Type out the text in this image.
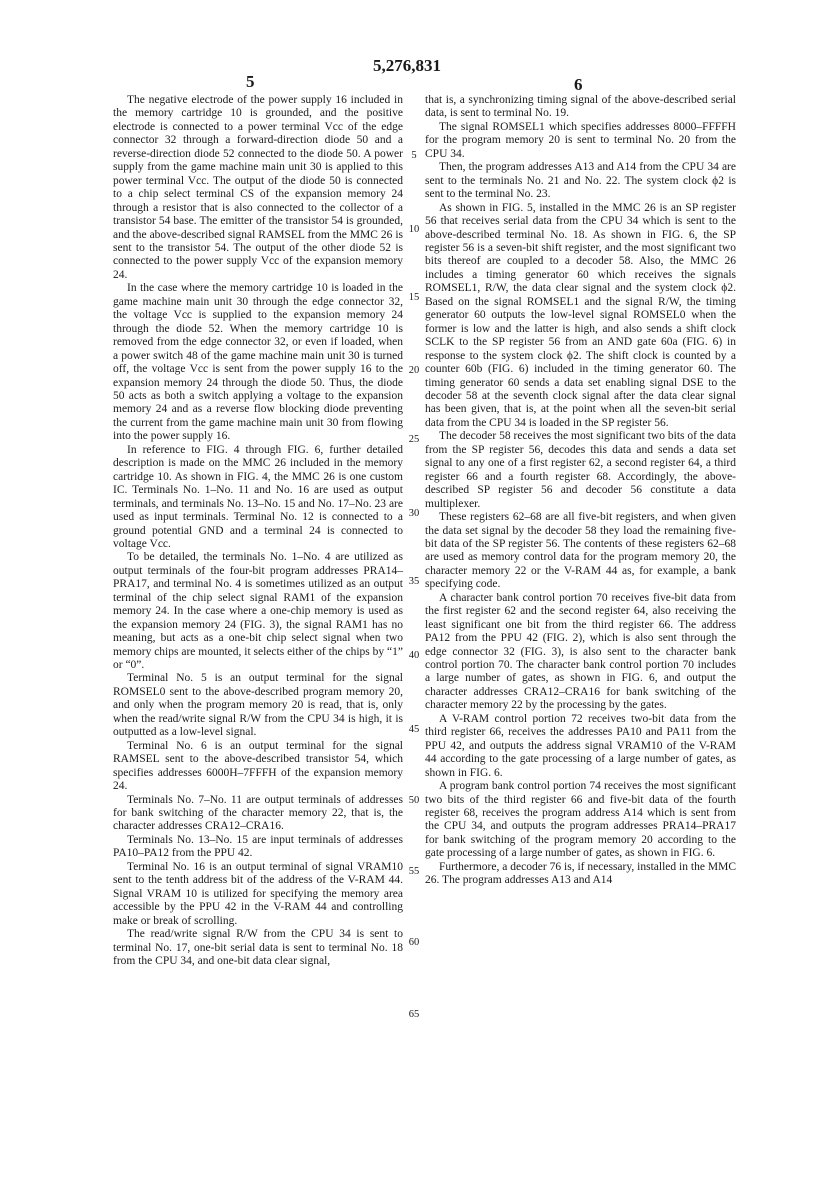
5,276,831
5	6

The negative electrode of the power supply 16 included in the memory cartridge 10 is grounded, and the positive electrode is connected to a power terminal Vcc of the edge connector 32 through a forward-direction diode 50 and a reverse-direction diode 52 connected to the diode 50. A power supply from the game machine main unit 30 is applied to this power terminal Vcc. The output of the diode 50 is connected to a chip select terminal CS of the expansion memory 24 through a resistor that is also connected to the collector of a transistor 54 base. The emitter of the transistor 54 is grounded, and the above-described signal RAMSEL from the MMC 26 is sent to the transistor 54. The output of the other diode 52 is connected to the power supply Vcc of the expansion memory 24.

In the case where the memory cartridge 10 is loaded in the game machine main unit 30 through the edge connector 32, the voltage Vcc is supplied to the expansion memory 24 through the diode 52. When the memory cartridge 10 is removed from the edge connector 32, or even if loaded, when a power switch 48 of the game machine main unit 30 is turned off, the voltage Vcc is sent from the power supply 16 to the expansion memory 24 through the diode 50. Thus, the diode 50 acts as both a switch applying a voltage to the expansion memory 24 and as a reverse flow blocking diode preventing the current from the game machine main unit 30 from flowing into the power supply 16.

In reference to FIG. 4 through FIG. 6, further detailed description is made on the MMC 26 included in the memory cartridge 10. As shown in FIG. 4, the MMC 26 is one custom IC. Terminals No. 1–No. 11 and No. 16 are used as output terminals, and terminals No. 13–No. 15 and No. 17–No. 23 are used as input terminals. Terminal No. 12 is connected to a ground potential GND and a terminal 24 is connected to voltage Vcc.

To be detailed, the terminals No. 1–No. 4 are utilized as output terminals of the four-bit program addresses PRA14–PRA17, and terminal No. 4 is sometimes utilized as an output terminal of the chip select signal RAM1 of the expansion memory 24. In the case where a one-chip memory is used as the expansion memory 24 (FIG. 3), the signal RAM1 has no meaning, but acts as a one-bit chip select signal when two memory chips are mounted, it selects either of the chips by “1” or “0”.

Terminal No. 5 is an output terminal for the signal ROMSEL0 sent to the above-described program memory 20, and only when the program memory 20 is read, that is, only when the read/write signal R/W from the CPU 34 is high, it is outputted as a low-level signal.

Terminal No. 6 is an output terminal for the signal RAMSEL sent to the above-described transistor 54, which specifies addresses 6000H–7FFFH of the expansion memory 24.

Terminals No. 7–No. 11 are output terminals of addresses for bank switching of the character memory 22, that is, the character addresses CRA12–CRA16.

Terminals No. 13–No. 15 are input terminals of addresses PA10–PA12 from the PPU 42.

Terminal No. 16 is an output terminal of signal VRAM10 sent to the tenth address bit of the address of the V-RAM 44. Signal VRAM 10 is utilized for specifying the memory area accessible by the PPU 42 in the V-RAM 44 and controlling make or break of scrolling.

The read/write signal R/W from the CPU 34 is sent to terminal No. 17, one-bit serial data is sent to terminal No. 18 from the CPU 34, and one-bit data clear signal,

5
10
15
20
25
30
35
40
45
50
55
60
65

that is, a synchronizing timing signal of the above-described serial data, is sent to terminal No. 19.

The signal ROMSEL1 which specifies addresses 8000–FFFFH for the program memory 20 is sent to terminal No. 20 from the CPU 34.

Then, the program addresses A13 and A14 from the CPU 34 are sent to the terminals No. 21 and No. 22. The system clock ϕ2 is sent to the terminal No. 23.

As shown in FIG. 5, installed in the MMC 26 is an SP register 56 that receives serial data from the CPU 34 which is sent to the above-described terminal No. 18. As shown in FIG. 6, the SP register 56 is a seven-bit shift register, and the most significant two bits thereof are coupled to a decoder 58. Also, the MMC 26 includes a timing generator 60 which receives the signals ROMSEL1, R/W, the data clear signal and the system clock ϕ2. Based on the signal ROMSEL1 and the signal R/W, the timing generator 60 outputs the low-level signal ROMSEL0 when the former is low and the latter is high, and also sends a shift clock SCLK to the SP register 56 from an AND gate 60a (FIG. 6) in response to the system clock ϕ2. The shift clock is counted by a counter 60b (FIG. 6) included in the timing generator 60. The timing generator 60 sends a data set enabling signal DSE to the decoder 58 at the seventh clock signal after the data clear signal has been given, that is, at the point when all the seven-bit serial data from the CPU 34 is loaded in the SP register 56.

The decoder 58 receives the most significant two bits of the data from the SP register 56, decodes this data and sends a data set signal to any one of a first register 62, a second register 64, a third register 66 and a fourth register 68. Accordingly, the above-described SP register 56 and decoder 56 constitute a data multiplexer.

These registers 62–68 are all five-bit registers, and when given the data set signal by the decoder 58 they load the remaining five-bit data of the SP register 56. The contents of these registers 62–68 are used as memory control data for the program memory 20, the character memory 22 or the V-RAM 44 as, for example, a bank specifying code.

A character bank control portion 70 receives five-bit data from the first register 62 and the second register 64, also receiving the least significant one bit from the third register 66. The address PA12 from the PPU 42 (FIG. 2), which is also sent through the edge connector 32 (FIG. 3), is also sent to the character bank control portion 70. The character bank control portion 70 includes a large number of gates, as shown in FIG. 6, and output the character addresses CRA12–CRA16 for bank switching of the character memory 22 by the processing by the gates.

A V-RAM control portion 72 receives two-bit data from the third register 66, receives the addresses PA10 and PA11 from the PPU 42, and outputs the address signal VRAM10 of the V-RAM 44 according to the gate processing of a large number of gates, as shown in FIG. 6.

A program bank control portion 74 receives the most significant two bits of the third register 66 and five-bit data of the fourth register 68, receives the program address A14 which is sent from the CPU 34, and outputs the program addresses PRA14–PRA17 for bank switching of the program memory 20 according to the gate processing of a large number of gates, as shown in FIG. 6.

Furthermore, a decoder 76 is, if necessary, installed in the MMC 26. The program addresses A13 and A14
